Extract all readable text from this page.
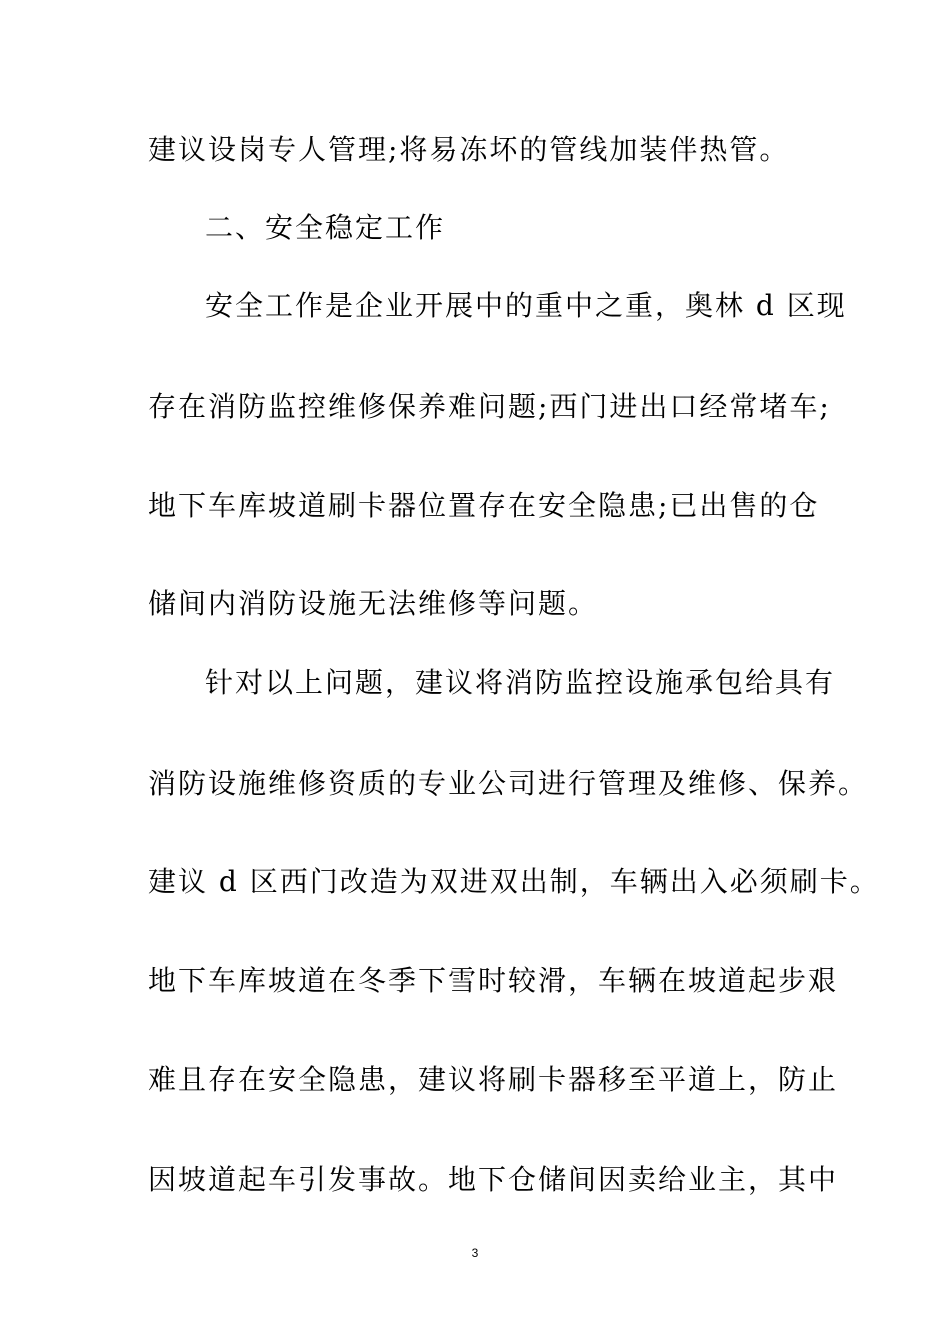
建议设岗专人管理;将易冻坏的管线加装伴热管。
二、安全稳定工作
安全工作是企业开展中的重中之重，奥林 d 区现
存在消防监控维修保养难问题;西门进出口经常堵车;
地下车库坡道刷卡器位置存在安全隐患;已出售的仓
储间内消防设施无法维修等问题。
针对以上问题，建议将消防监控设施承包给具有
消防设施维修资质的专业公司进行管理及维修、保养。
建议 d 区西门改造为双进双出制，车辆出入必须刷卡。
地下车库坡道在冬季下雪时较滑，车辆在坡道起步艰
难且存在安全隐患，建议将刷卡器移至平道上，防止
因坡道起车引发事故。地下仓储间因卖给业主，其中
3
